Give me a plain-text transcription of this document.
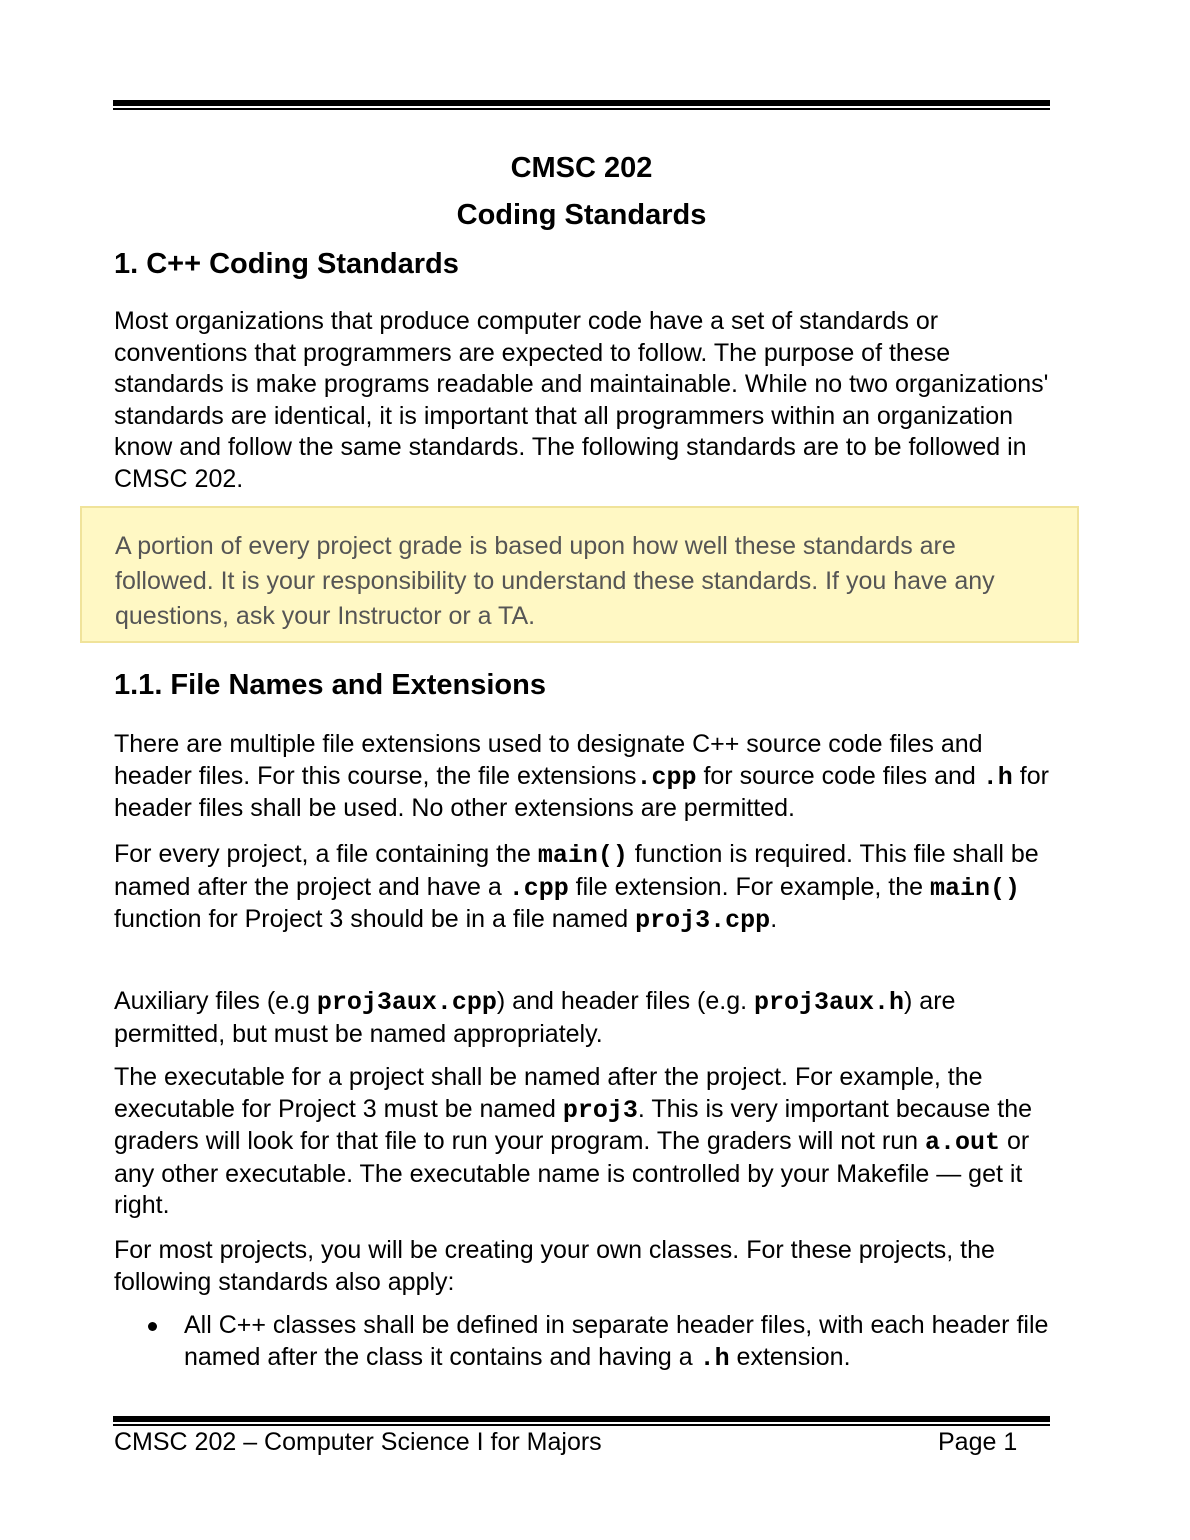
CMSC 202
Coding Standards
1. C++ Coding Standards

Most organizations that produce computer code have a set of standards or conventions that programmers are expected to follow. The purpose of these standards is make programs readable and maintainable. While no two organizations' standards are identical, it is important that all programmers within an organization know and follow the same standards. The following standards are to be followed in CMSC 202.

A portion of every project grade is based upon how well these standards are followed. It is your responsibility to understand these standards. If you have any questions, ask your Instructor or a TA.

1.1. File Names and Extensions

There are multiple file extensions used to designate C++ source code files and header files. For this course, the file extensions.cpp for source code files and .h for header files shall be used. No other extensions are permitted.

For every project, a file containing the main() function is required. This file shall be named after the project and have a .cpp file extension. For example, the main() function for Project 3 should be in a file named proj3.cpp.

Auxiliary files (e.g proj3aux.cpp) and header files (e.g. proj3aux.h) are permitted, but must be named appropriately.

The executable for a project shall be named after the project. For example, the executable for Project 3 must be named proj3. This is very important because the graders will look for that file to run your program. The graders will not run a.out or any other executable. The executable name is controlled by your Makefile — get it right.

For most projects, you will be creating your own classes. For these projects, the following standards also apply:

All C++ classes shall be defined in separate header files, with each header file named after the class it contains and having a .h extension.
CMSC 202 – Computer Science I for Majors	Page 1
